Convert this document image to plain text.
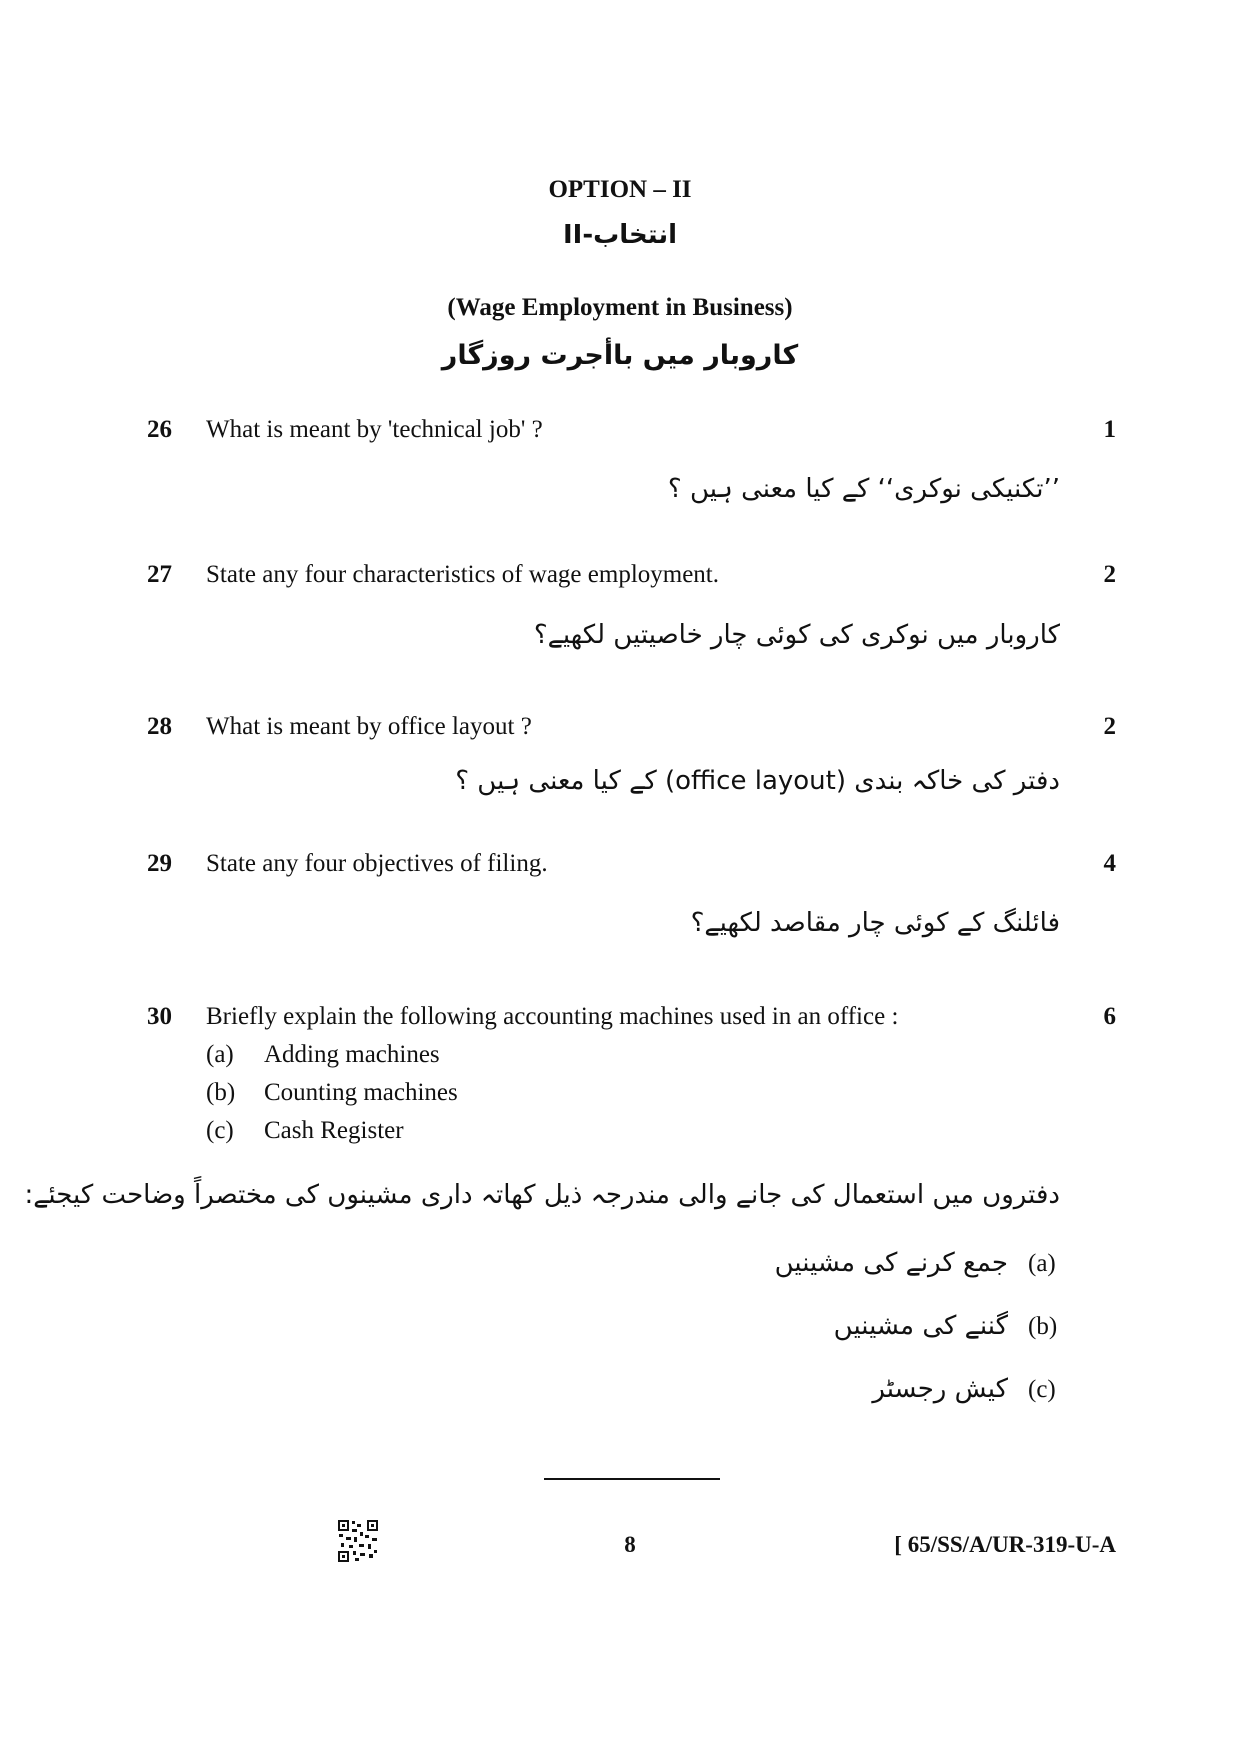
OPTION – II
II-انتخاب
(Wage Employment in Business)
کاروبار میں باأجرت روزگار
26 What is meant by 'technical job' ?	1
’’تکنیکی نوکری‘‘ کے کیا معنی ہیں ؟
27 State any four characteristics of wage employment.	2
کاروبار میں نوکری کی کوئی چار خاصیتیں لکھیے؟
28 What is meant by office layout ?	2
دفتر کی خاکہ بندی (office layout) کے کیا معنی ہیں ؟
29 State any four objectives of filing.	4
فائلنگ کے کوئی چار مقاصد لکھیے؟
30 Briefly explain the following accounting machines used in an office :	6
(a) Adding machines
(b) Counting machines
(c) Cash Register
دفتروں میں استعمال کی جانے والی مندرجہ ذیل کھاتہ داری مشینوں کی مختصراً وضاحت کیجئے:
(a)
جمع کرنے کی مشینیں
(b)
گننے کی مشینیں
(c)
کیش رجسٹر
8	[ 65/SS/A/UR-319-U-A
